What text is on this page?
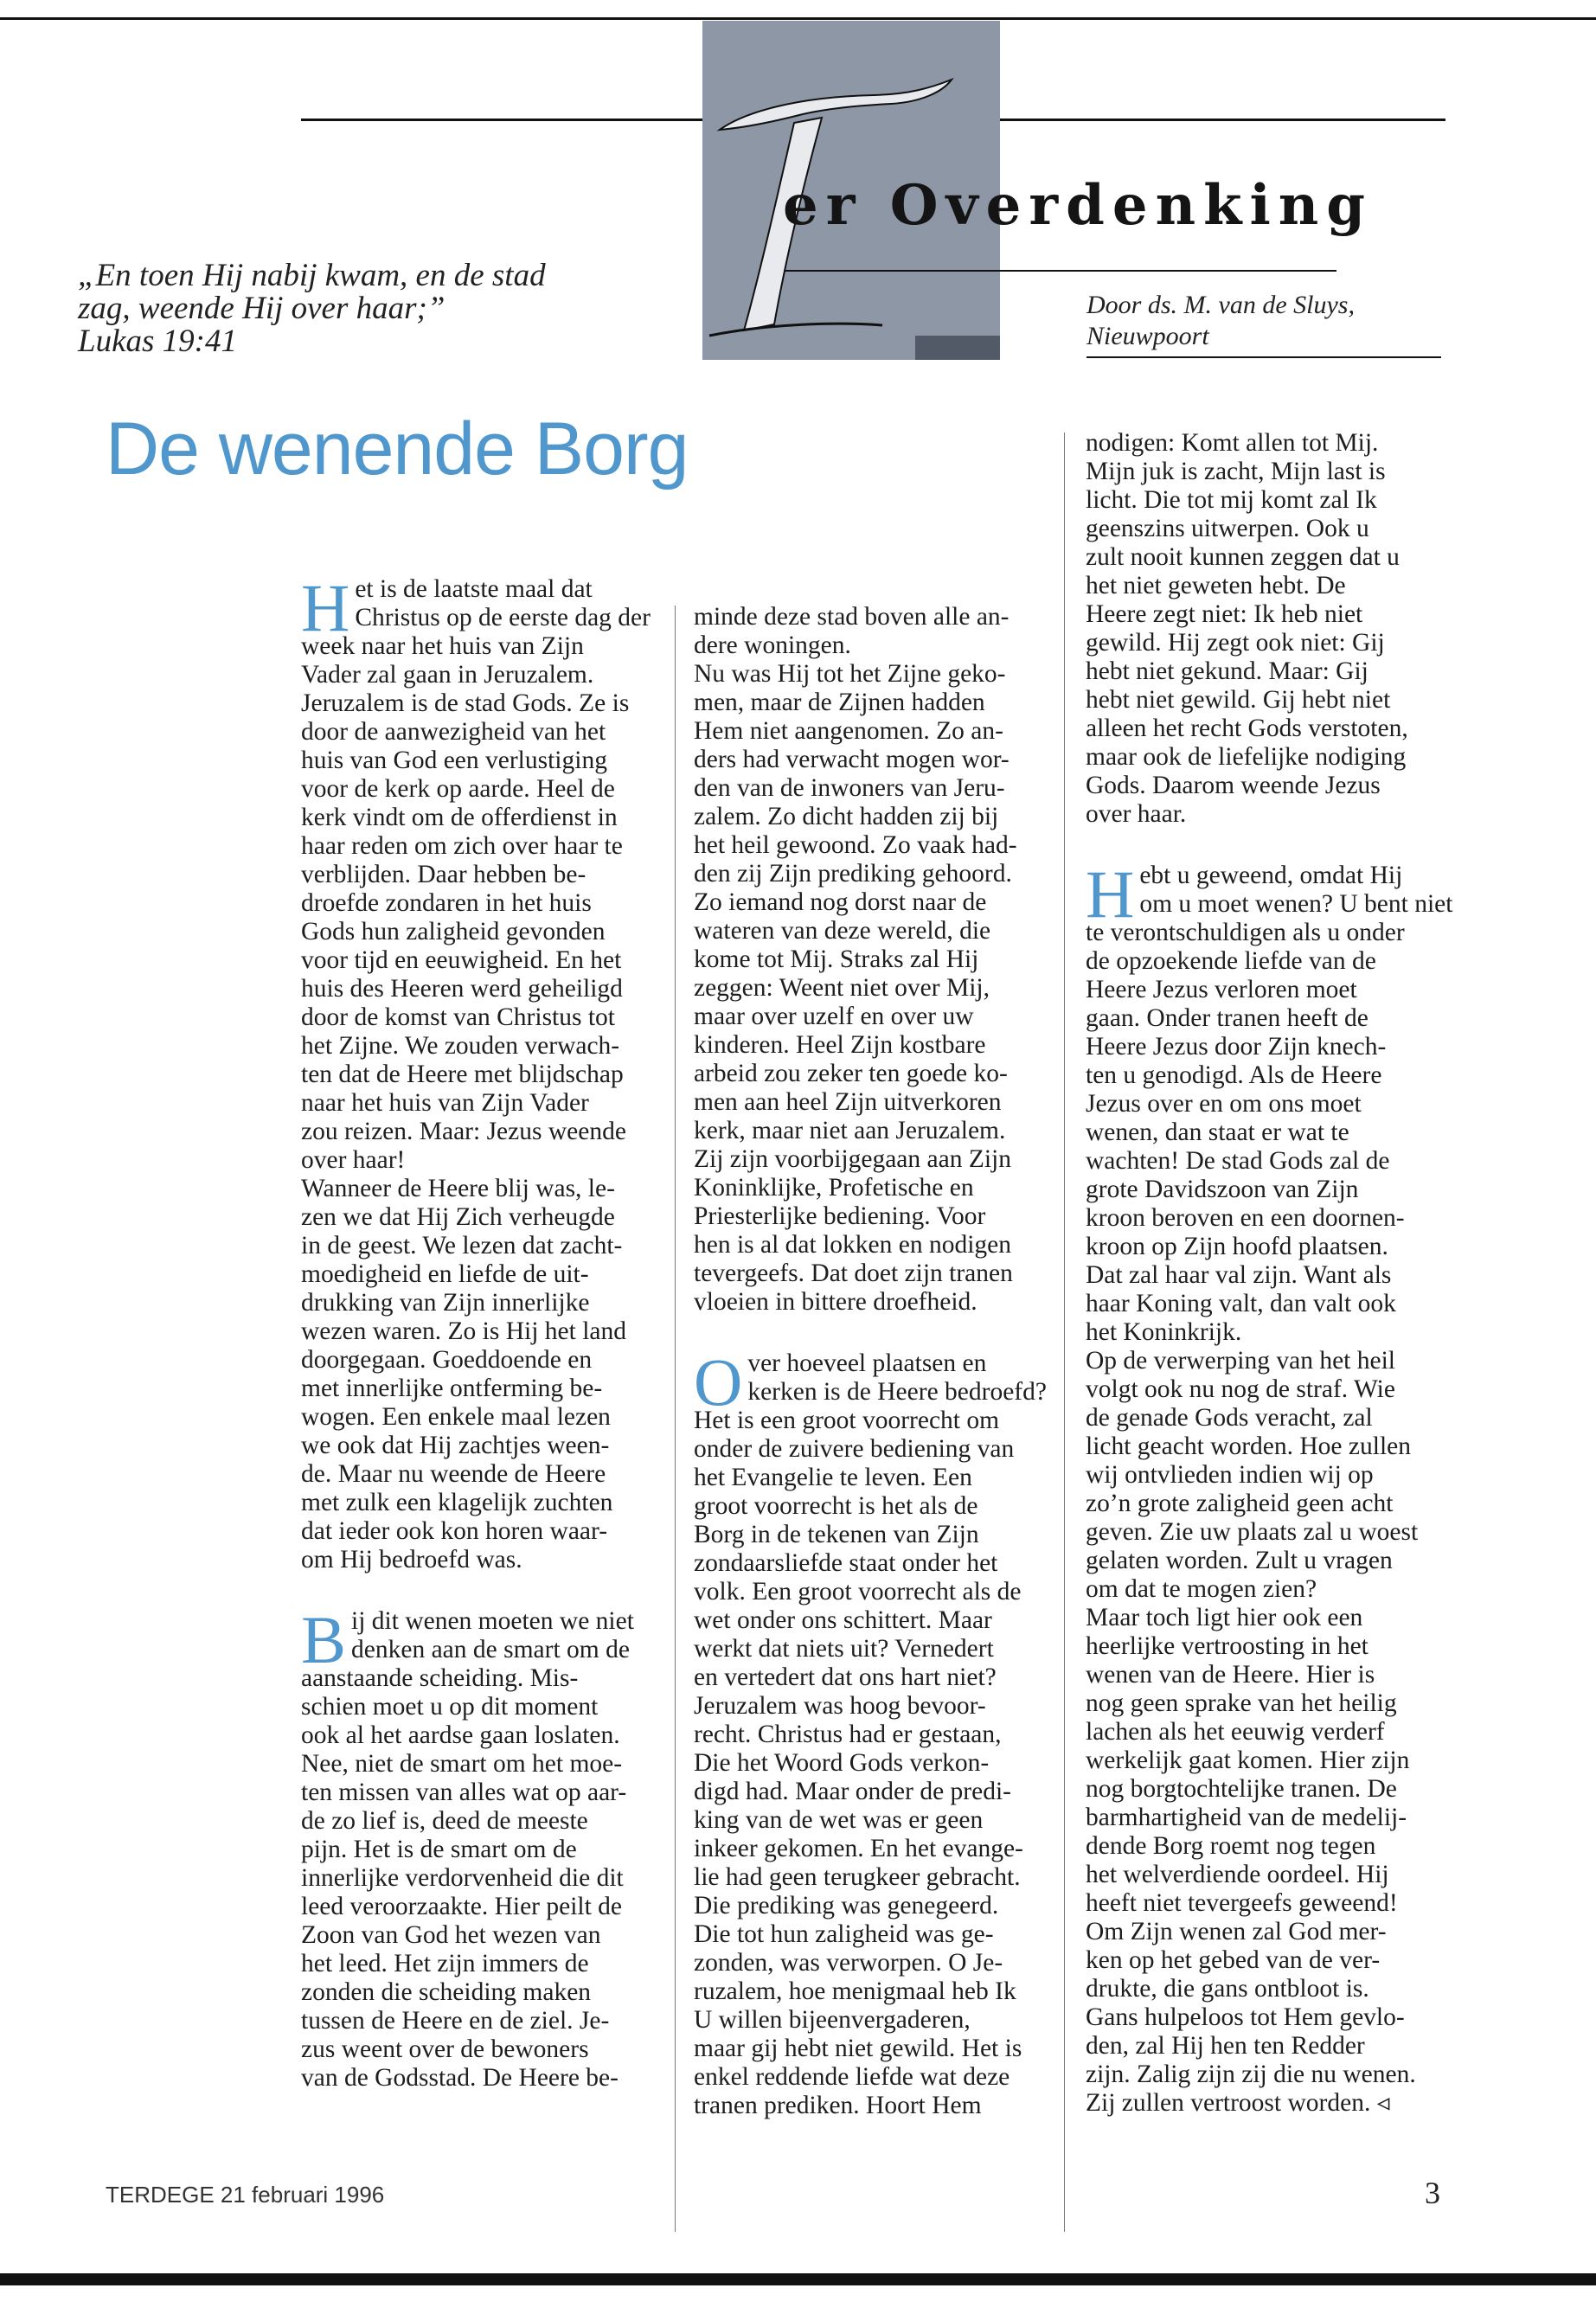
er Overdenking
„En toen Hij nabij kwam, en de stad
zag, weende Hij over haar;”
Lukas 19:41
Door ds. M. van de Sluys,
Nieuwpoort
De wenende Borg
H et is de laatste maal dat
Christus op de eerste dag der
week naar het huis van Zijn
Vader zal gaan in Jeruzalem.
Jeruzalem is de stad Gods. Ze is
door de aanwezigheid van het
huis van God een verlustiging
voor de kerk op aarde. Heel de
kerk vindt om de offerdienst in
haar reden om zich over haar te
verblijden. Daar hebben be-
droefde zondaren in het huis
Gods hun zaligheid gevonden
voor tijd en eeuwigheid. En het
huis des Heeren werd geheiligd
door de komst van Christus tot
het Zijne. We zouden verwach-
ten dat de Heere met blijdschap
naar het huis van Zijn Vader
zou reizen. Maar: Jezus weende
over haar!
Wanneer de Heere blij was, le-
zen we dat Hij Zich verheugde
in de geest. We lezen dat zacht-
moedigheid en liefde de uit-
drukking van Zijn innerlijke
wezen waren. Zo is Hij het land
doorgegaan. Goeddoende en
met innerlijke ontferming be-
wogen. Een enkele maal lezen
we ook dat Hij zachtjes ween-
de. Maar nu weende de Heere
met zulk een klagelijk zuchten
dat ieder ook kon horen waar-
om Hij bedroefd was.
B ij dit wenen moeten we niet
denken aan de smart om de
aanstaande scheiding. Mis-
schien moet u op dit moment
ook al het aardse gaan loslaten.
Nee, niet de smart om het moe-
ten missen van alles wat op aar-
de zo lief is, deed de meeste
pijn. Het is de smart om de
innerlijke verdorvenheid die dit
leed veroorzaakte. Hier peilt de
Zoon van God het wezen van
het leed. Het zijn immers de
zonden die scheiding maken
tussen de Heere en de ziel. Je-
zus weent over de bewoners
van de Godsstad. De Heere be-
minde deze stad boven alle an-
dere woningen.
Nu was Hij tot het Zijne geko-
men, maar de Zijnen hadden
Hem niet aangenomen. Zo an-
ders had verwacht mogen wor-
den van de inwoners van Jeru-
zalem. Zo dicht hadden zij bij
het heil gewoond. Zo vaak had-
den zij Zijn prediking gehoord.
Zo iemand nog dorst naar de
wateren van deze wereld, die
kome tot Mij. Straks zal Hij
zeggen: Weent niet over Mij,
maar over uzelf en over uw
kinderen. Heel Zijn kostbare
arbeid zou zeker ten goede ko-
men aan heel Zijn uitverkoren
kerk, maar niet aan Jeruzalem.
Zij zijn voorbijgegaan aan Zijn
Koninklijke, Profetische en
Priesterlijke bediening. Voor
hen is al dat lokken en nodigen
tevergeefs. Dat doet zijn tranen
vloeien in bittere droefheid.
O ver hoeveel plaatsen en
kerken is de Heere bedroefd?
Het is een groot voorrecht om
onder de zuivere bediening van
het Evangelie te leven. Een
groot voorrecht is het als de
Borg in de tekenen van Zijn
zondaarsliefde staat onder het
volk. Een groot voorrecht als de
wet onder ons schittert. Maar
werkt dat niets uit? Vernedert
en vertedert dat ons hart niet?
Jeruzalem was hoog bevoor-
recht. Christus had er gestaan,
Die het Woord Gods verkon-
digd had. Maar onder de predi-
king van de wet was er geen
inkeer gekomen. En het evange-
lie had geen terugkeer gebracht.
Die prediking was genegeerd.
Die tot hun zaligheid was ge-
zonden, was verworpen. O Je-
ruzalem, hoe menigmaal heb Ik
U willen bijeenvergaderen,
maar gij hebt niet gewild. Het is
enkel reddende liefde wat deze
tranen prediken. Hoort Hem
nodigen: Komt allen tot Mij.
Mijn juk is zacht, Mijn last is
licht. Die tot mij komt zal Ik
geenszins uitwerpen. Ook u
zult nooit kunnen zeggen dat u
het niet geweten hebt. De
Heere zegt niet: Ik heb niet
gewild. Hij zegt ook niet: Gij
hebt niet gekund. Maar: Gij
hebt niet gewild. Gij hebt niet
alleen het recht Gods verstoten,
maar ook de liefelijke nodiging
Gods. Daarom weende Jezus
over haar.
H ebt u geweend, omdat Hij
om u moet wenen? U bent niet
te verontschuldigen als u onder
de opzoekende liefde van de
Heere Jezus verloren moet
gaan. Onder tranen heeft de
Heere Jezus door Zijn knech-
ten u genodigd. Als de Heere
Jezus over en om ons moet
wenen, dan staat er wat te
wachten! De stad Gods zal de
grote Davidszoon van Zijn
kroon beroven en een doornen-
kroon op Zijn hoofd plaatsen.
Dat zal haar val zijn. Want als
haar Koning valt, dan valt ook
het Koninkrijk.
Op de verwerping van het heil
volgt ook nu nog de straf. Wie
de genade Gods veracht, zal
licht geacht worden. Hoe zullen
wij ontvlieden indien wij op
zo’n grote zaligheid geen acht
geven. Zie uw plaats zal u woest
gelaten worden. Zult u vragen
om dat te mogen zien?
Maar toch ligt hier ook een
heerlijke vertroosting in het
wenen van de Heere. Hier is
nog geen sprake van het heilig
lachen als het eeuwig verderf
werkelijk gaat komen. Hier zijn
nog borgtochtelijke tranen. De
barmhartigheid van de medelij-
dende Borg roemt nog tegen
het welverdiende oordeel. Hij
heeft niet tevergeefs geweend!
Om Zijn wenen zal God mer-
ken op het gebed van de ver-
drukte, die gans ontbloot is.
Gans hulpeloos tot Hem gevlo-
den, zal Hij hen ten Redder
zijn. Zalig zijn zij die nu wenen.
Zij zullen vertroost worden. ◃
TERDEGE 21 februari 1996	3
